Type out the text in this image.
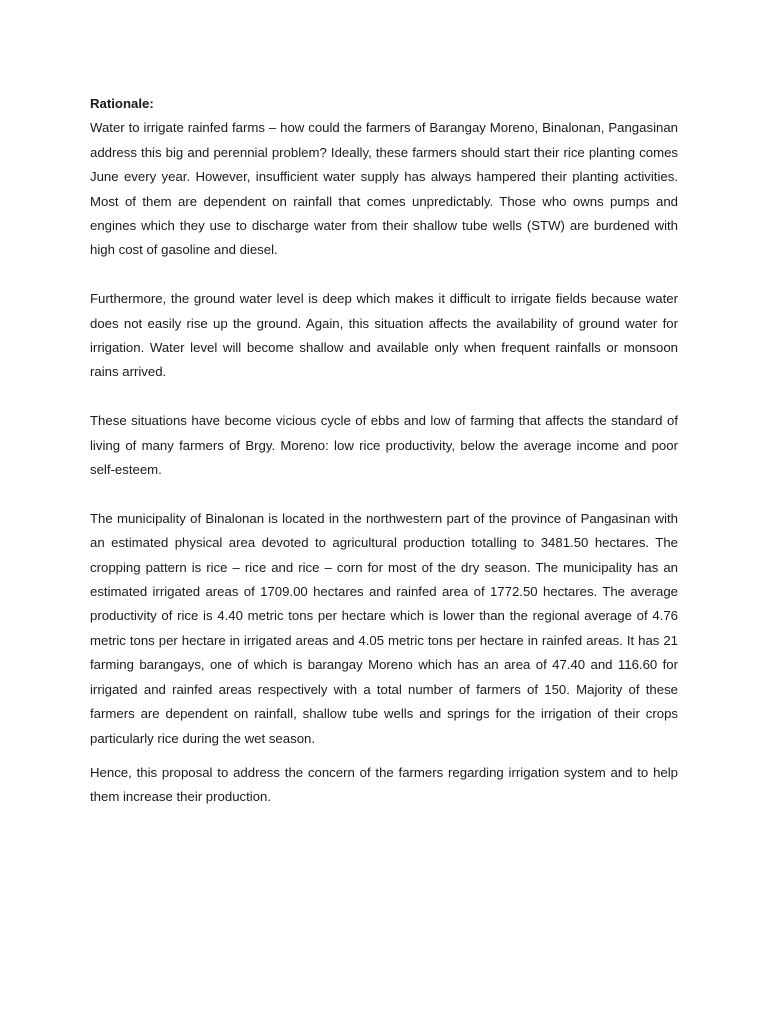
Rationale:

Water to irrigate rainfed farms – how could the farmers of Barangay Moreno, Binalonan, Pangasinan address this big and perennial problem? Ideally, these farmers should start their rice planting comes June every year. However, insufficient water supply has always hampered their planting activities. Most of them are dependent on rainfall that comes unpredictably. Those who owns pumps and engines which they use to discharge water from their shallow tube wells (STW) are burdened with high cost of gasoline and diesel.

Furthermore, the ground water level is deep which makes it difficult to irrigate fields because water does not easily rise up the ground. Again, this situation affects the availability of ground water for irrigation. Water level will become shallow and available only when frequent rainfalls or monsoon rains arrived.

These situations have become vicious cycle of ebbs and low of farming that affects the standard of living of many farmers of Brgy. Moreno: low rice productivity, below the average income and poor self-esteem.

The municipality of Binalonan is located in the northwestern part of the province of Pangasinan with an estimated physical area devoted to agricultural production totalling to 3481.50 hectares. The cropping pattern is rice – rice and rice – corn for most of the dry season. The municipality has an estimated irrigated areas of 1709.00 hectares and rainfed area of 1772.50 hectares. The average productivity of rice is 4.40 metric tons per hectare which is lower than the regional average of 4.76 metric tons per hectare in irrigated areas and 4.05 metric tons per hectare in rainfed areas. It has 21 farming barangays, one of which is barangay Moreno which has an area of 47.40 and 116.60 for irrigated and rainfed areas respectively with a total number of farmers of 150. Majority of these farmers are dependent on rainfall, shallow tube wells and springs for the irrigation of their crops particularly rice during the wet season.

Hence, this proposal to address the concern of the farmers regarding irrigation system and to help them increase their production.
